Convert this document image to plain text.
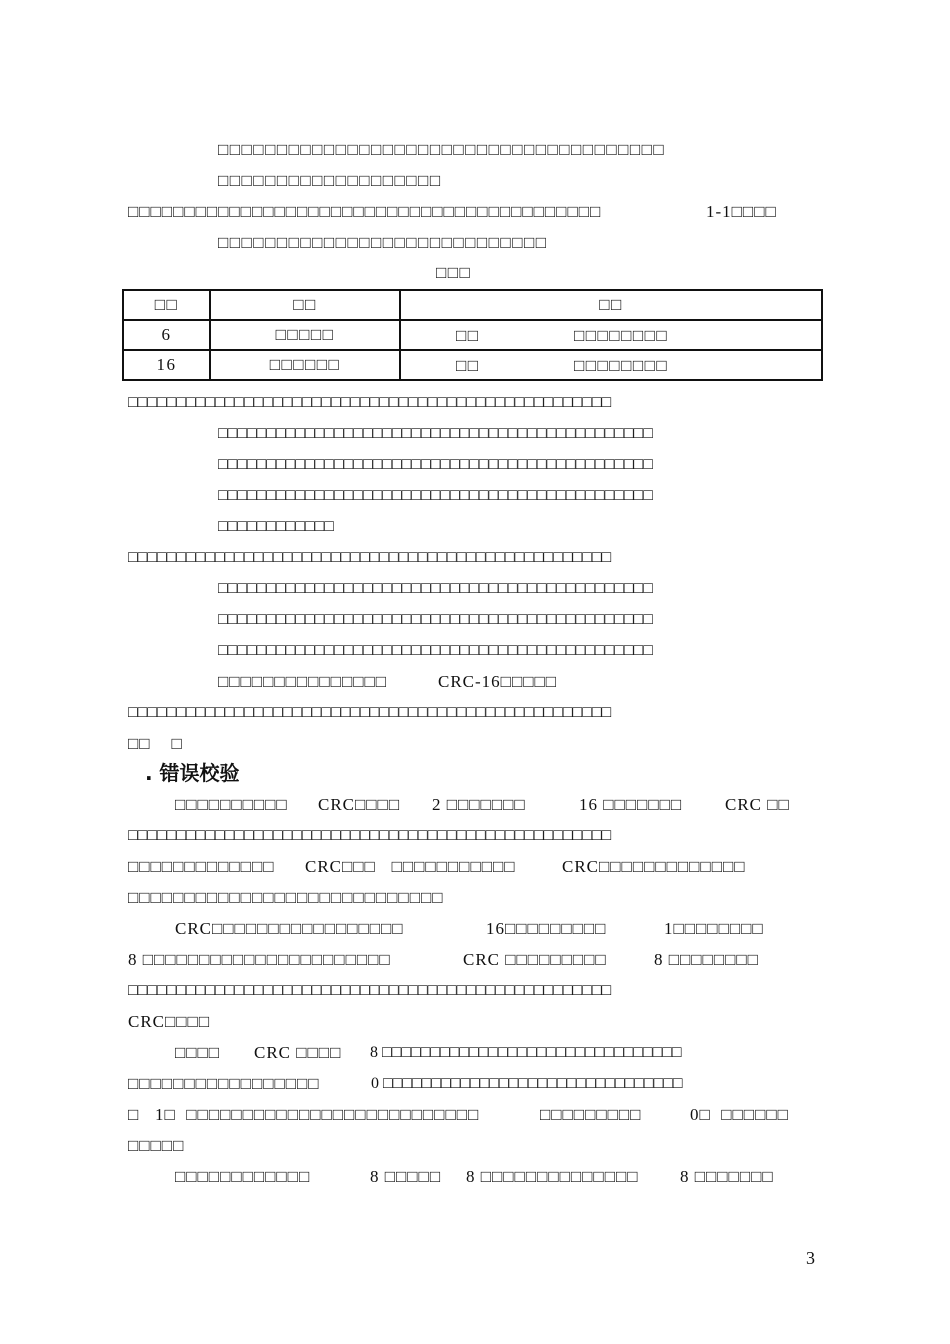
□□□□□□□□□□□□□□□□□□□□□□□□□□□□□□□□□□□□□□
□□□□□□□□□□□□□□□□□□□
□□□□□□□□□□□□□□□□□□□□□□□□□□□□□□□□□□□□□□□□□□	1-1□□□□
□□□□□□□□□□□□□□□□□□□□□□□□□□□□
□□□
□□	□□	□□
6	□□□□□	□□ □□□□□□□□

16	□□□□□□	□□ □□□□□□□□
□□□□□□□□□□□□□□□□□□□□□□□□□□□□□□□□□□□□□□□□□□□□□□□□□□
□□□□□□□□□□□□□□□□□□□□□□□□□□□□□□□□□□□□□□□□□□□□□
□□□□□□□□□□□□□□□□□□□□□□□□□□□□□□□□□□□□□□□□□□□□□
□□□□□□□□□□□□□□□□□□□□□□□□□□□□□□□□□□□□□□□□□□□□□
□□□□□□□□□□□□
□□□□□□□□□□□□□□□□□□□□□□□□□□□□□□□□□□□□□□□□□□□□□□□□□□
□□□□□□□□□□□□□□□□□□□□□□□□□□□□□□□□□□□□□□□□□□□□□
□□□□□□□□□□□□□□□□□□□□□□□□□□□□□□□□□□□□□□□□□□□□□
□□□□□□□□□□□□□□□□□□□□□□□□□□□□□□□□□□□□□□□□□□□□□
□□□□□□□□□□□□□□□	CRC-16□□□□□
□□□□□□□□□□□□□□□□□□□□□□□□□□□□□□□□□□□□□□□□□□□□□□□□□□
□□    □
. 错误校验
□□□□□□□□□□ CRC□□□□ 2 □□□□□□□	16 □□□□□□□	CRC □□
□□□□□□□□□□□□□□□□□□□□□□□□□□□□□□□□□□□□□□□□□□□□□□□□□□
□□□□□□□□□□□□□ CRC□□□   □□□□□□□□□□□	CRC□□□□□□□□□□□□□
□□□□□□□□□□□□□□□□□□□□□□□□□□□□
CRC□□□□□□□□□□□□□□□□□	16□□□□□□□□□	1□□□□□□□□
8 □□□□□□□□□□□□□□□□□□□□□□	CRC □□□□□□□□□	8 □□□□□□□□
□□□□□□□□□□□□□□□□□□□□□□□□□□□□□□□□□□□□□□□□□□□□□□□□□□
CRC□□□□
□□□□ CRC □□□□ 8 □□□□□□□□□□□□□□□□□□□□□□□□□□□□□□□
□□□□□□□□□□□□□□□□□	0 □□□□□□□□□□□□□□□□□□□□□□□□□□□□□□□
□   1□  □□□□□□□□□□□□□□□□□□□□□□□□□□	□□□□□□□□□	0□  □□□□□□
□□□□□
□□□□□□□□□□□□	8 □□□□□ 8 □□□□□□□□□□□□□□ 8 □□□□□□□
3
